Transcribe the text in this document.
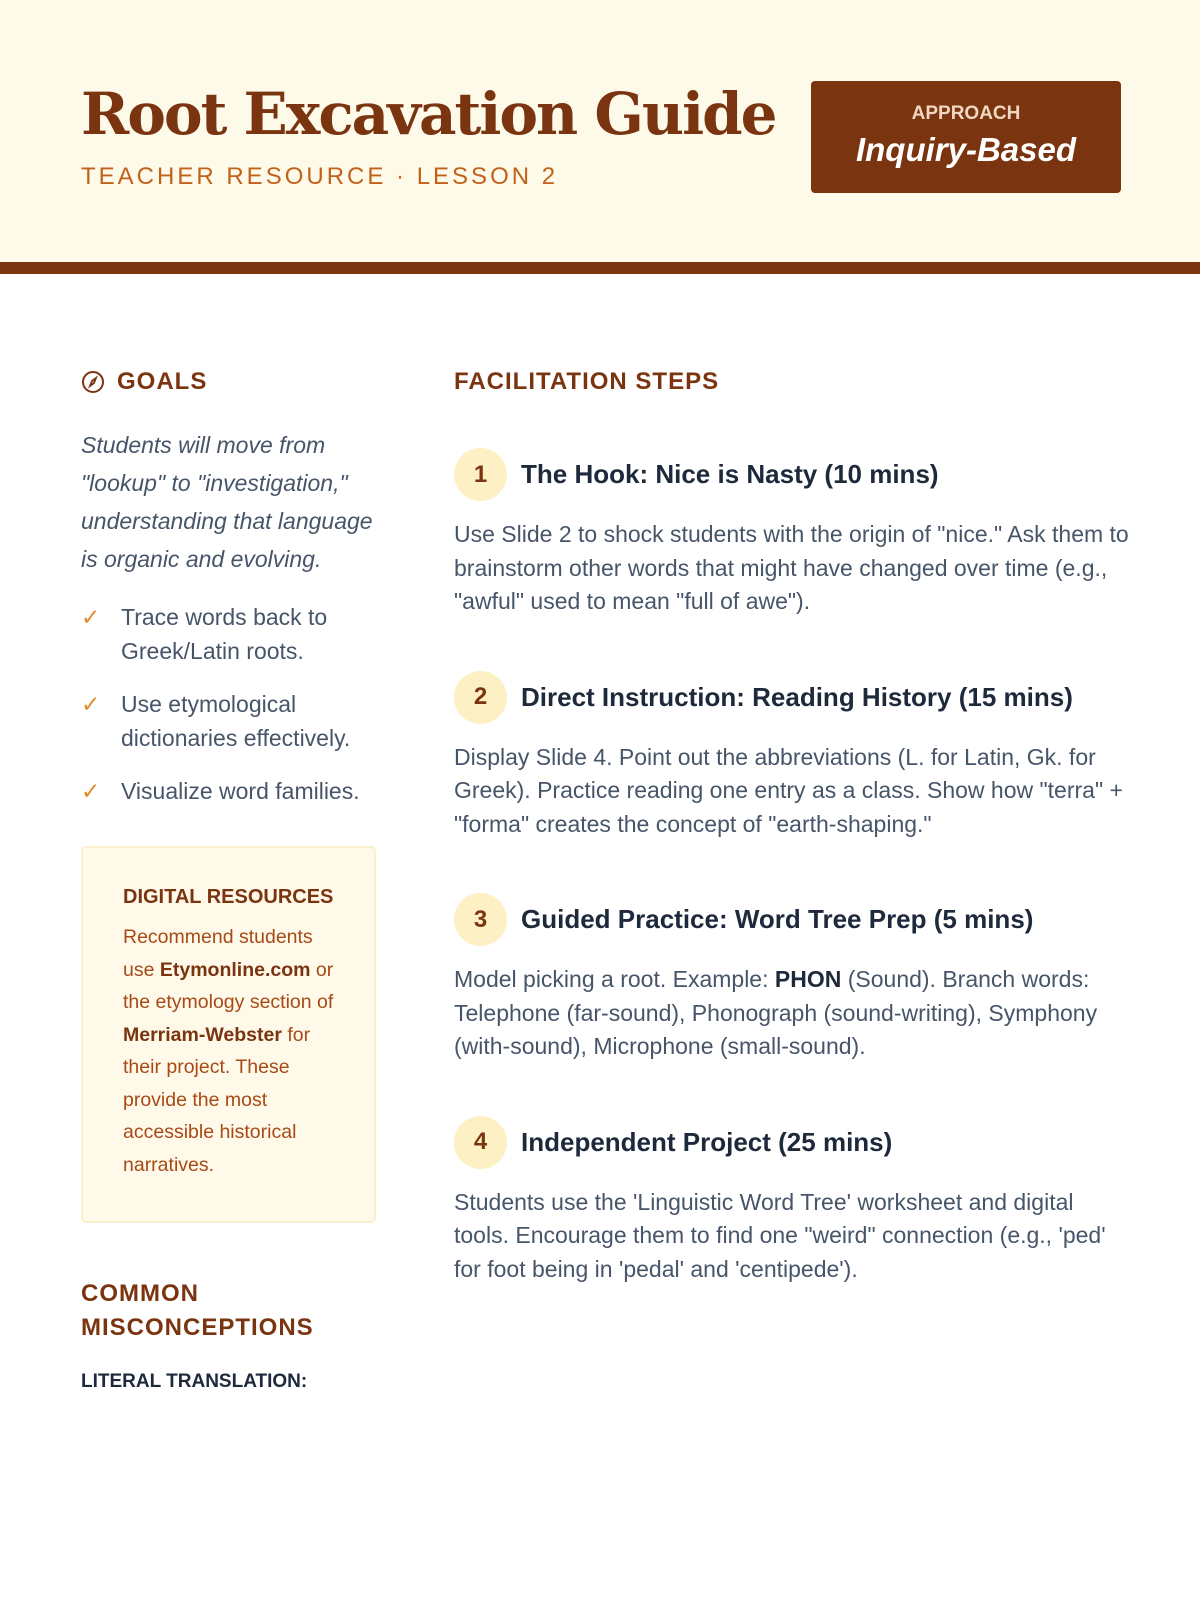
Root Excavation Guide
TEACHER RESOURCE · LESSON 2
APPROACH
Inquiry-Based
GOALS

Students will move from "lookup" to "investigation," understanding that language is organic and evolving.

✓ Trace words back to Greek/Latin roots.
✓ Use etymological dictionaries effectively.
✓ Visualize word families.
DIGITAL RESOURCES

Recommend students use Etymonline.com or the etymology section of Merriam-Webster for their project. These provide the most accessible historical narratives.

COMMON MISCONCEPTIONS
LITERAL TRANSLATION:
FACILITATION STEPS
1	The Hook: Nice is Nasty (10 mins)

Use Slide 2 to shock students with the origin of "nice." Ask them to brainstorm other words that might have changed over time (e.g., "awful" used to mean "full of awe").

2	Direct Instruction: Reading History (15 mins)

Display Slide 4. Point out the abbreviations (L. for Latin, Gk. for Greek). Practice reading one entry as a class. Show how "terra" + "forma" creates the concept of "earth-shaping."

3	Guided Practice: Word Tree Prep (5 mins)

Model picking a root. Example: PHON (Sound). Branch words: Telephone (far-sound), Phonograph (sound-writing), Symphony (with-sound), Microphone (small-sound).

4	Independent Project (25 mins)

Students use the 'Linguistic Word Tree' worksheet and digital tools. Encourage them to find one "weird" connection (e.g., 'ped' for foot being in 'pedal' and 'centipede').
